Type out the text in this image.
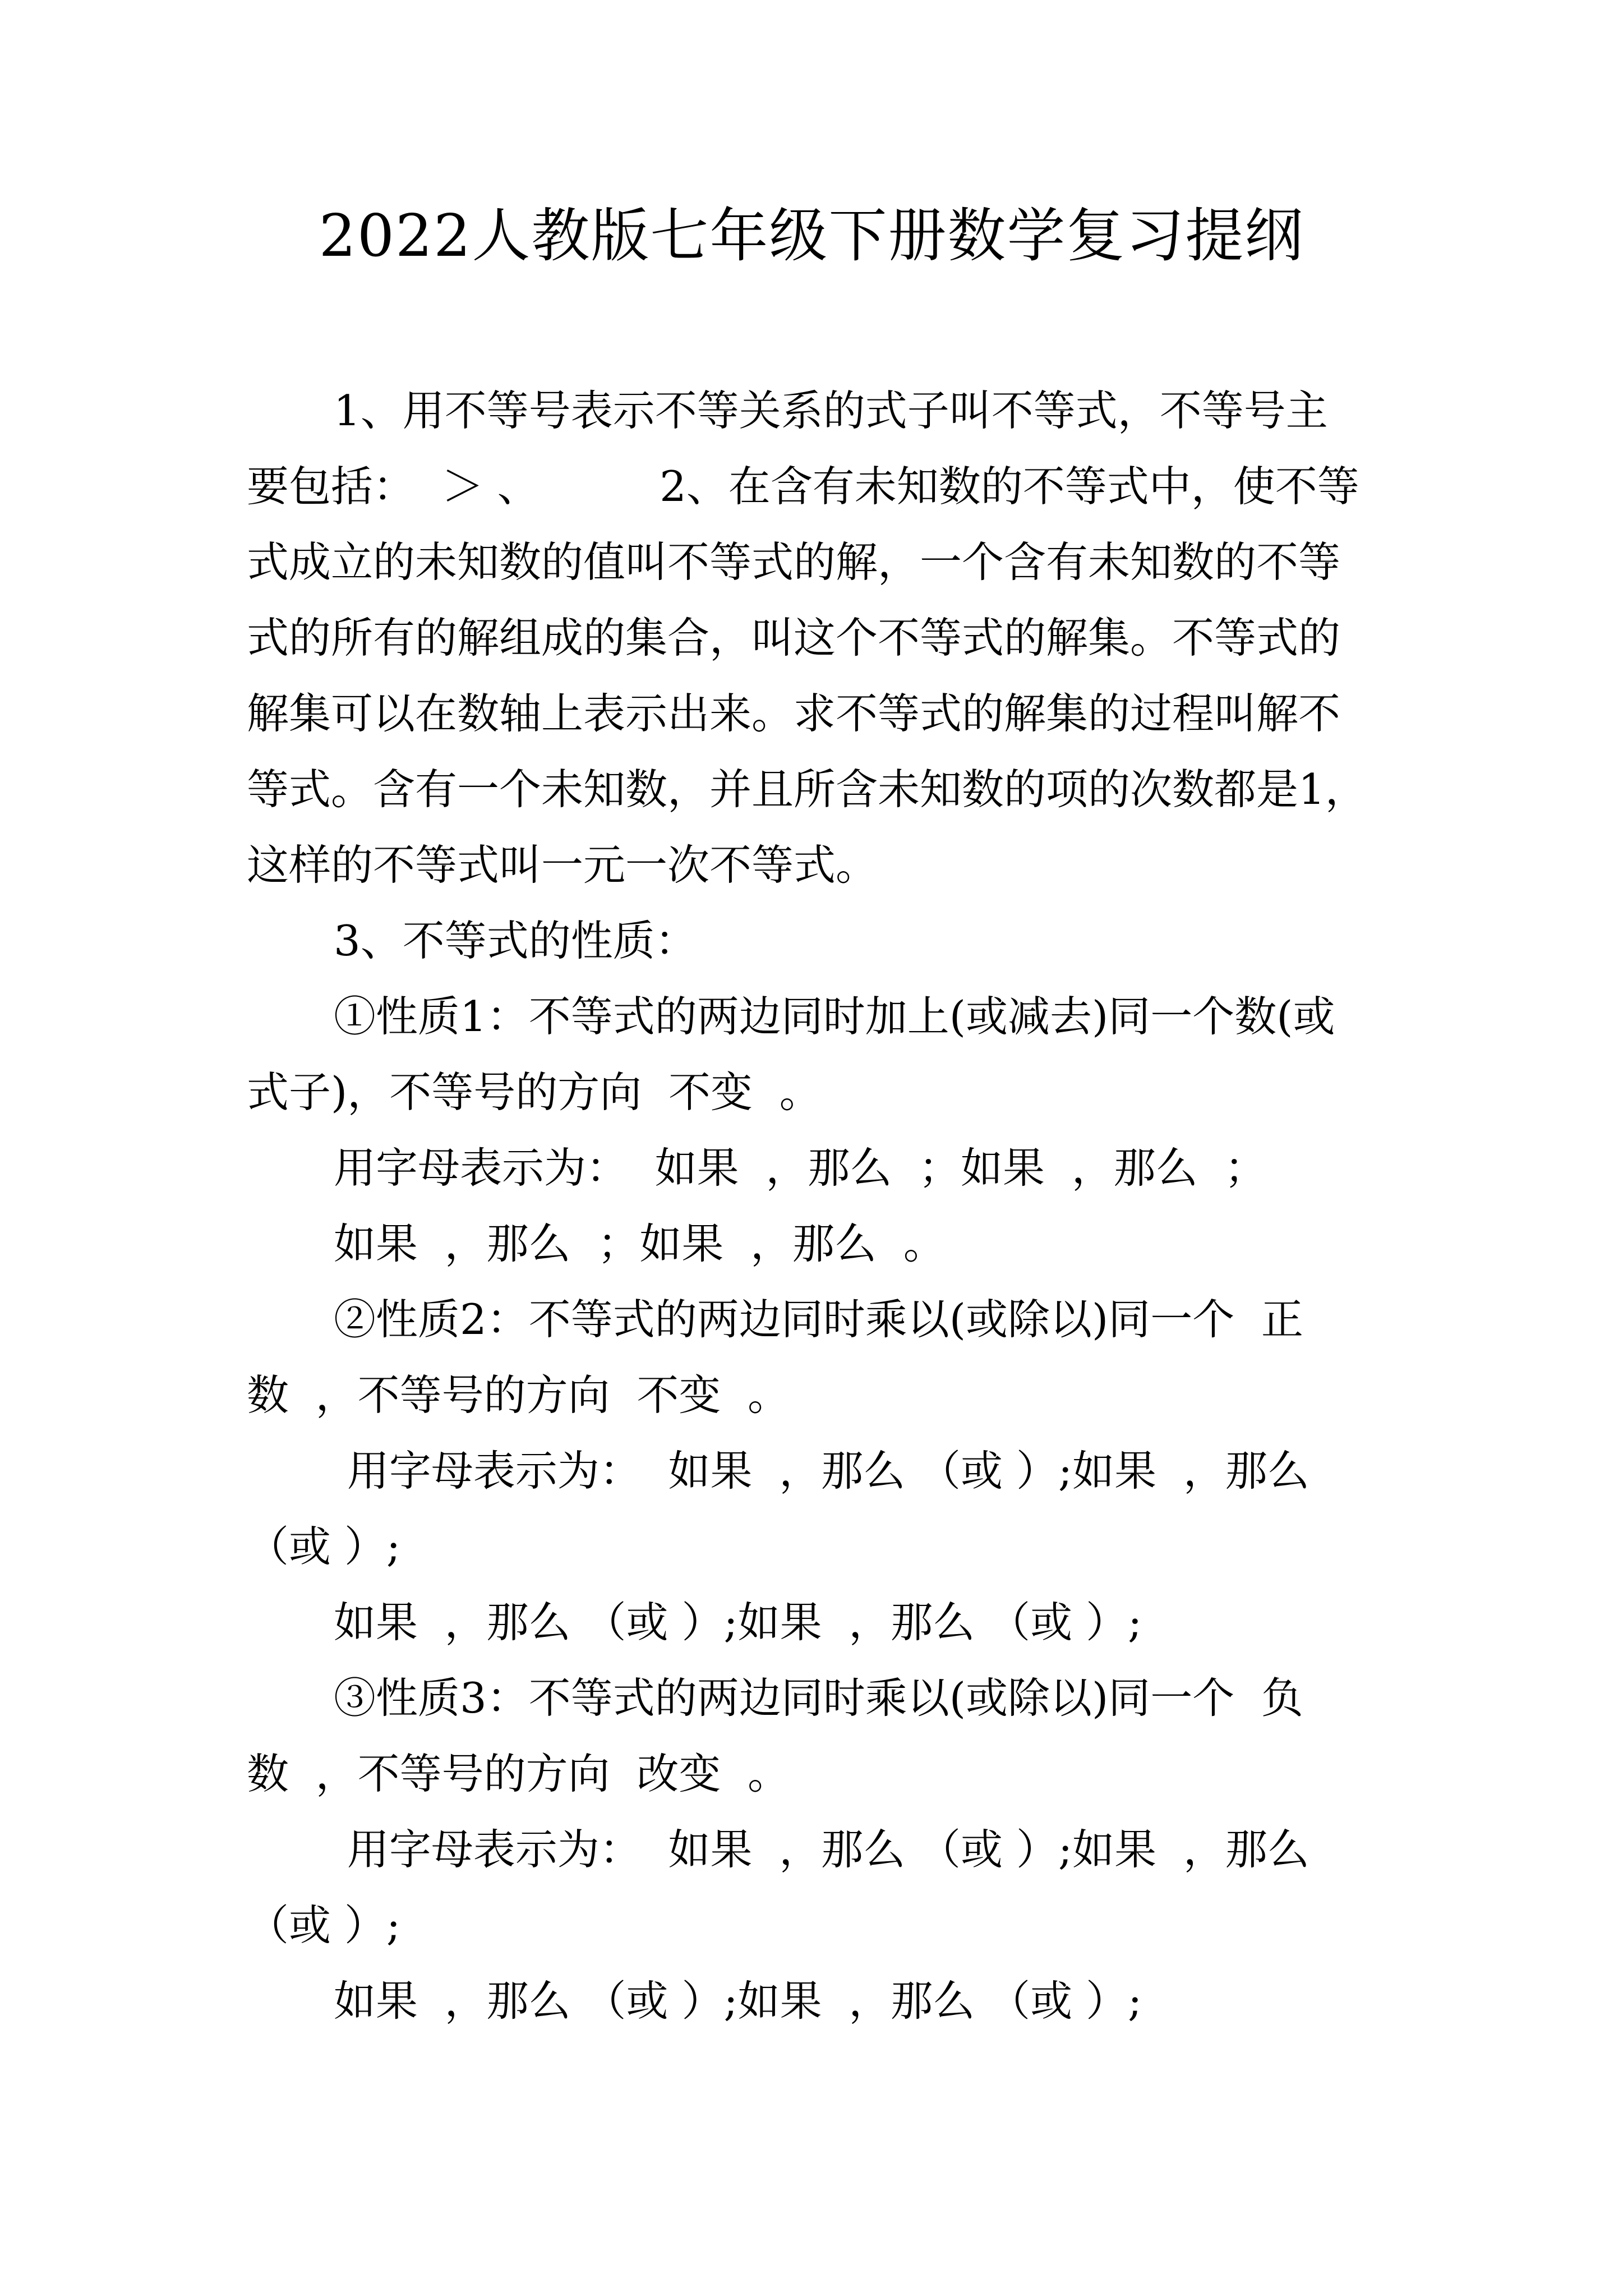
2022人教版七年级下册数学复习提纲
1、用不等号表示不等关系的式子叫不等式，不等号主
要包括：  ＞ 、         2、在含有未知数的不等式中，使不等
式成立的未知数的值叫不等式的解，一个含有未知数的不等
式的所有的解组成的集合，叫这个不等式的解集。不等式的
解集可以在数轴上表示出来。求不等式的解集的过程叫解不
等式。含有一个未知数，并且所含未知数的项的次数都是1，
这样的不等式叫一元一次不等式。
3、不等式的性质：
①性质1：不等式的两边同时加上(或减去)同一个数(或
式子)，不等号的方向  不变  。
用字母表示为：  如果  ，那么  ；如果  ，那么  ；
如果  ，那么  ；如果  ，那么  。
②性质2：不等式的两边同时乘以(或除以)同一个  正
数  ，不等号的方向  不变  。
用字母表示为：  如果  ，那么 （或 ）;如果  ，那么
（或 ）;
如果  ，那么 （或 ）;如果  ，那么 （或 ）;
③性质3：不等式的两边同时乘以(或除以)同一个  负
数  ，不等号的方向  改变  。
用字母表示为：  如果  ，那么 （或 ）;如果  ，那么
（或 ）;
如果  ，那么 （或 ）;如果  ，那么 （或 ）;
